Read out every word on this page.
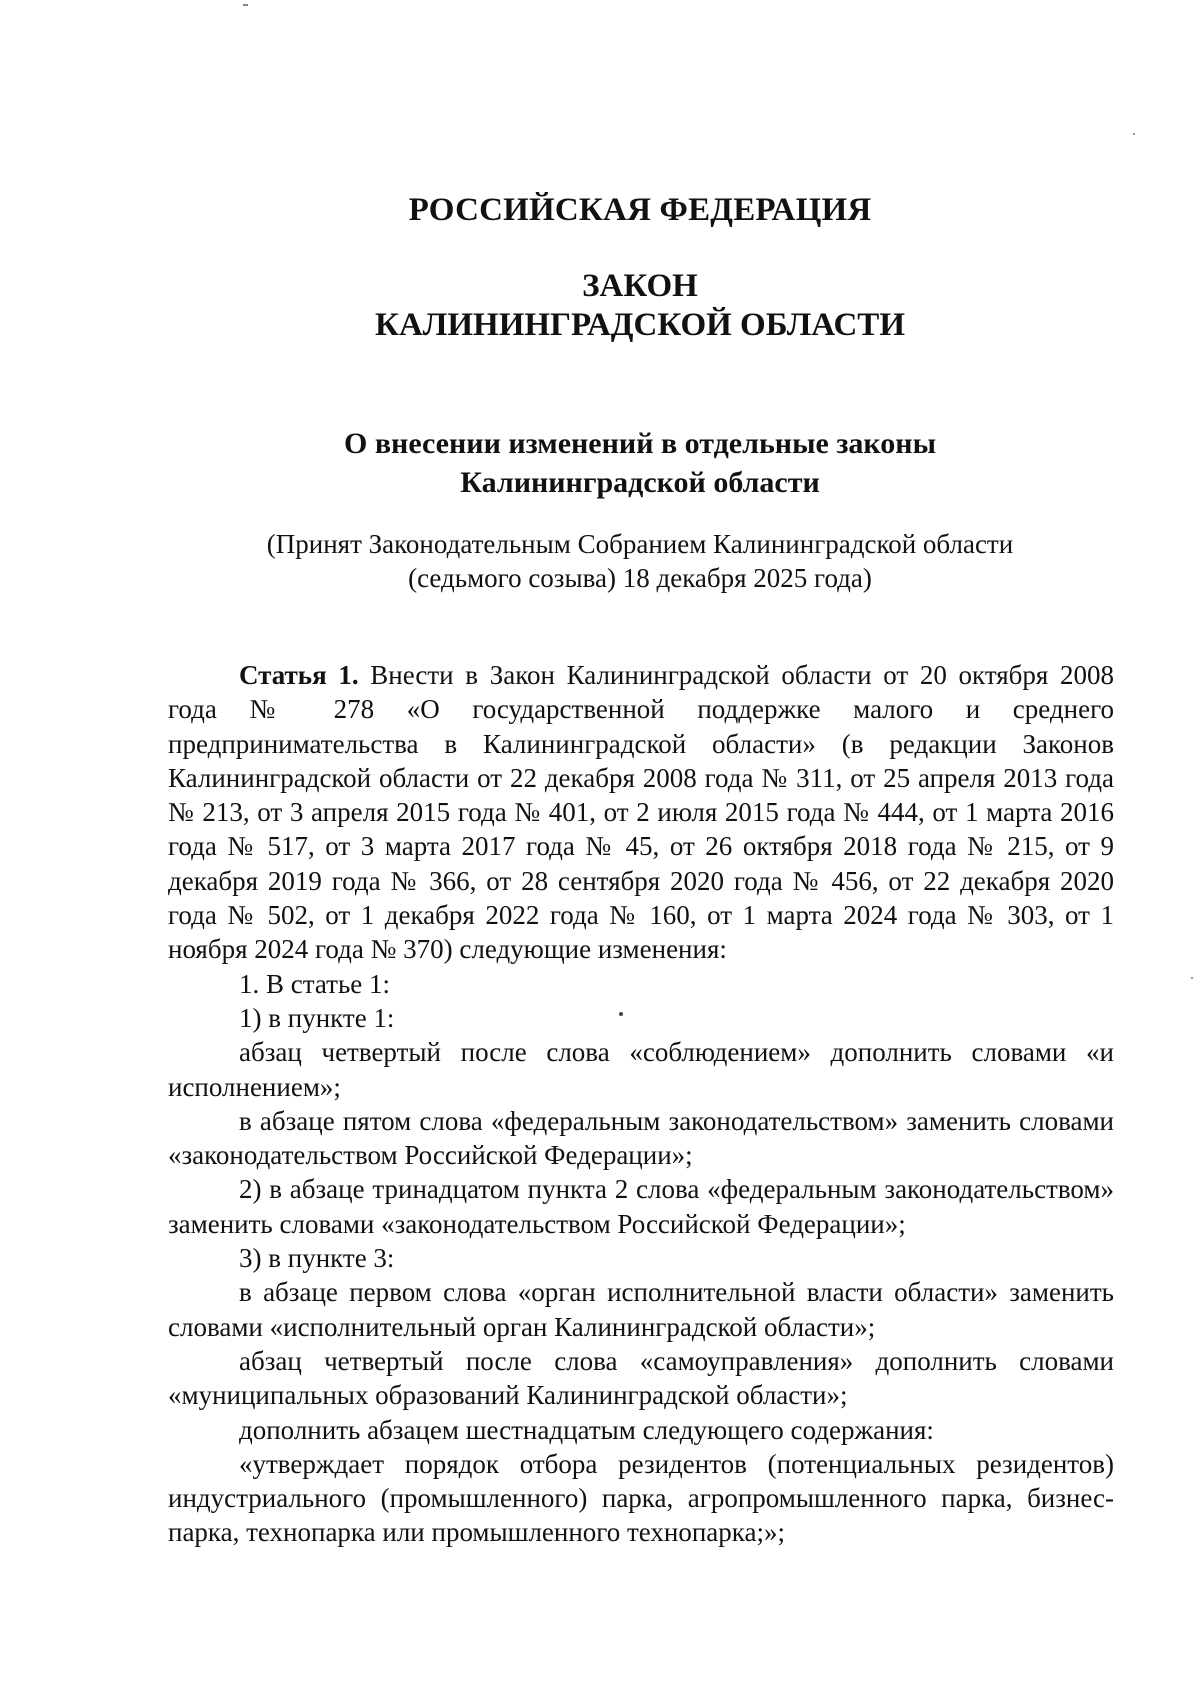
РОССИЙСКАЯ ФЕДЕРАЦИЯ
ЗАКОН
КАЛИНИНГРАДСКОЙ ОБЛАСТИ
О внесении изменений в отдельные законы
Калининградской области
(Принят Законодательным Собранием Калининградской области
(седьмого созыва) 18 декабря 2025 года)

Статья 1. Внести в Закон Калининградской области от 20 октября 2008 года № 278 «О государственной поддержке малого и среднего предпринимательства в Калининградской области» (в редакции Законов Калининградской области от 22 декабря 2008 года № 311, от 25 апреля 2013 года № 213, от 3 апреля 2015 года № 401, от 2 июля 2015 года № 444, от 1 марта 2016 года № 517, от 3 марта 2017 года № 45, от 26 октября 2018 года № 215, от 9 декабря 2019 года № 366, от 28 сентября 2020 года № 456, от 22 декабря 2020 года № 502, от 1 декабря 2022 года № 160, от 1 марта 2024 года № 303, от 1 ноября 2024 года № 370) следующие изменения:

1. В статье 1:

1) в пункте 1:

абзац четвертый после слова «соблюдением» дополнить словами «и исполнением»;

в абзаце пятом слова «федеральным законодательством» заменить словами «законодательством Российской Федерации»;

2) в абзаце тринадцатом пункта 2 слова «федеральным законодательством» заменить словами «законодательством Российской Федерации»;

3) в пункте 3:

в абзаце первом слова «орган исполнительной власти области» заменить словами «исполнительный орган Калининградской области»;

абзац четвертый после слова «самоуправления» дополнить словами «муниципальных образований Калининградской области»;

дополнить абзацем шестнадцатым следующего содержания:

«утверждает порядок отбора резидентов (потенциальных резидентов) индустриального (промышленного) парка, агропромышленного парка, бизнес-парка, технопарка или промышленного технопарка;»;
